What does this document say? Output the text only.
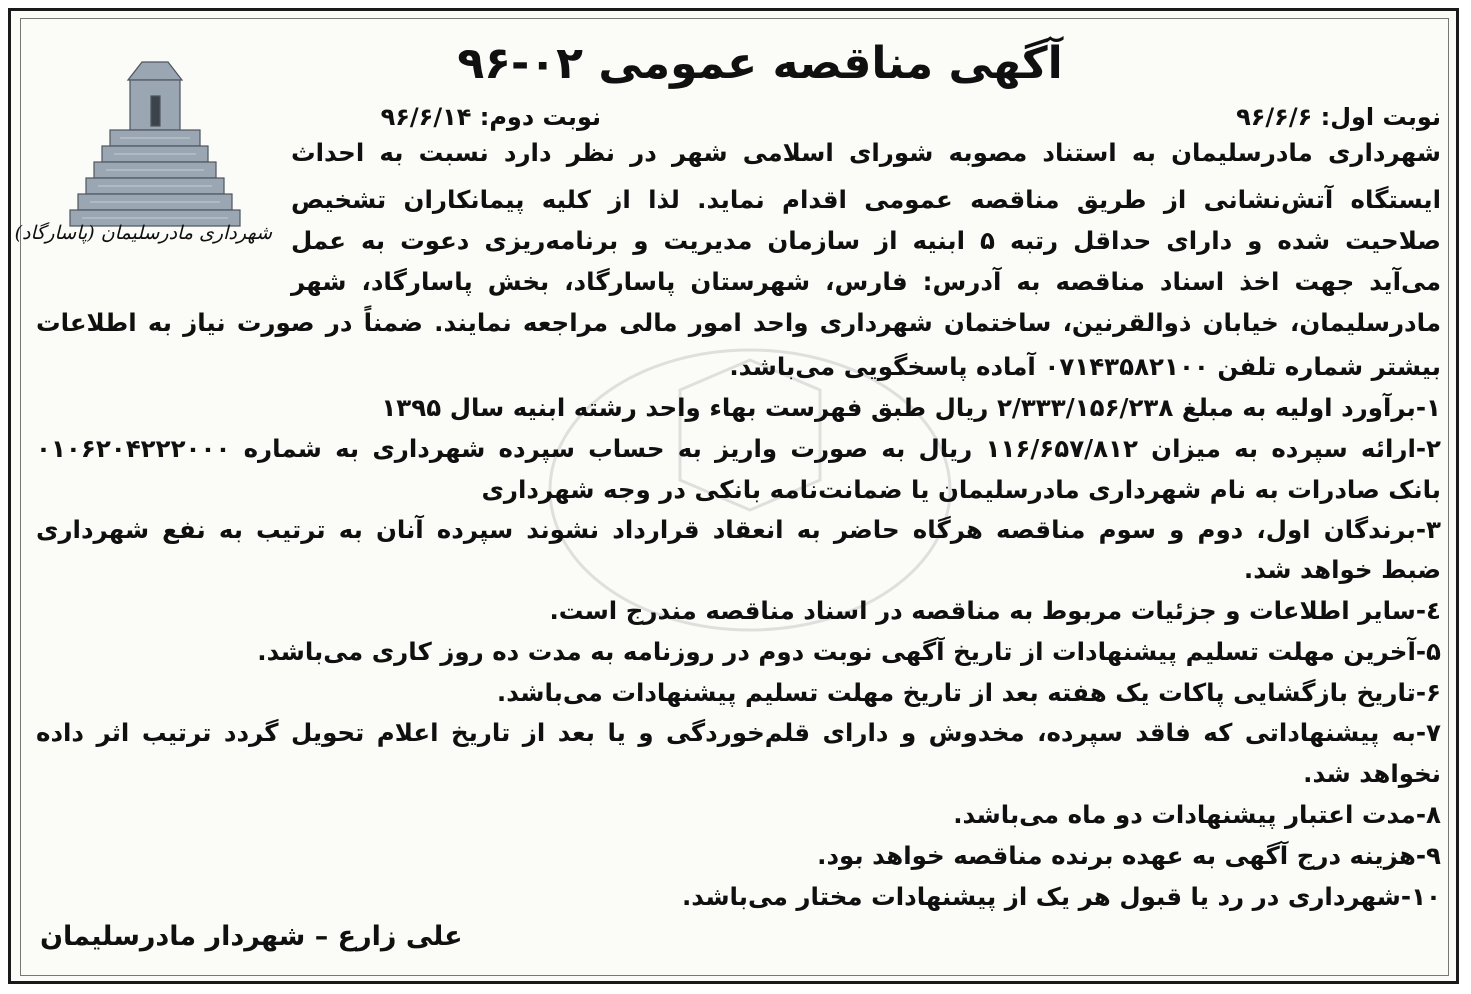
آگهی مناقصه عمومی ۰۲-۹۶
شهرداری مادرسلیمان (پاسارگاد)
نوبت اول: ۹۶/۶/۶
نوبت دوم: ۹۶/۶/۱۴
شهرداری مادرسلیمان به استناد مصوبه شورای اسلامی شهر در نظر دارد نسبت به احداث
ایستگاه آتش‌نشانی از طریق مناقصه عمومی اقدام نماید. لذا از کلیه پیمانکاران تشخیص
صلاحیت شده و دارای حداقل رتبه ۵ ابنیه از سازمان مدیریت و برنامه‌ریزی دعوت به عمل
می‌آید جهت اخذ اسناد مناقصه به آدرس: فارس، شهرستان پاسارگاد، بخش پاسارگاد، شهر
مادرسلیمان، خیابان ذوالقرنین، ساختمان شهرداری واحد امور مالی مراجعه نمایند. ضمناً در صورت نیاز به اطلاعات
بیشتر شماره تلفن ۰۷۱۴۳۵۸۲۱۰۰ آماده پاسخگویی می‌باشد.
۱-برآورد اولیه به مبلغ ۲/۳۳۳/۱۵۶/۲۳۸ ریال طبق فهرست بهاء واحد رشته ابنیه سال ۱۳۹۵
۲-ارائه سپرده به میزان ۱۱۶/۶۵۷/۸۱۲ ریال به صورت واریز به حساب سپرده شهرداری به شماره ۰۱۰۶۲۰۴۲۲۲۰۰۰
بانک صادرات به نام شهرداری مادرسلیمان یا ضمانت‌نامه بانکی در وجه شهرداری
۳-برندگان اول، دوم و سوم مناقصه هرگاه حاضر به انعقاد قرارداد نشوند سپرده آنان به ترتیب به نفع شهرداری
ضبط خواهد شد.
٤-سایر اطلاعات و جزئیات مربوط به مناقصه در اسناد مناقصه مندرج است.
۵-آخرین مهلت تسلیم پیشنهادات از تاریخ آگهی نوبت دوم در روزنامه به مدت ده روز کاری می‌باشد.
۶-تاریخ بازگشایی پاکات یک هفته بعد از تاریخ مهلت تسلیم پیشنهادات می‌باشد.
۷-به پیشنهاداتی که فاقد سپرده، مخدوش و دارای قلم‌خوردگی و یا بعد از تاریخ اعلام تحویل گردد ترتیب اثر داده
نخواهد شد.
۸-مدت اعتبار پیشنهادات دو ماه می‌باشد.
۹-هزینه درج آگهی به عهده برنده مناقصه خواهد بود.
۱۰-شهرداری در رد یا قبول هر یک از پیشنهادات مختار می‌باشد.
علی زارع – شهردار مادرسلیمان
